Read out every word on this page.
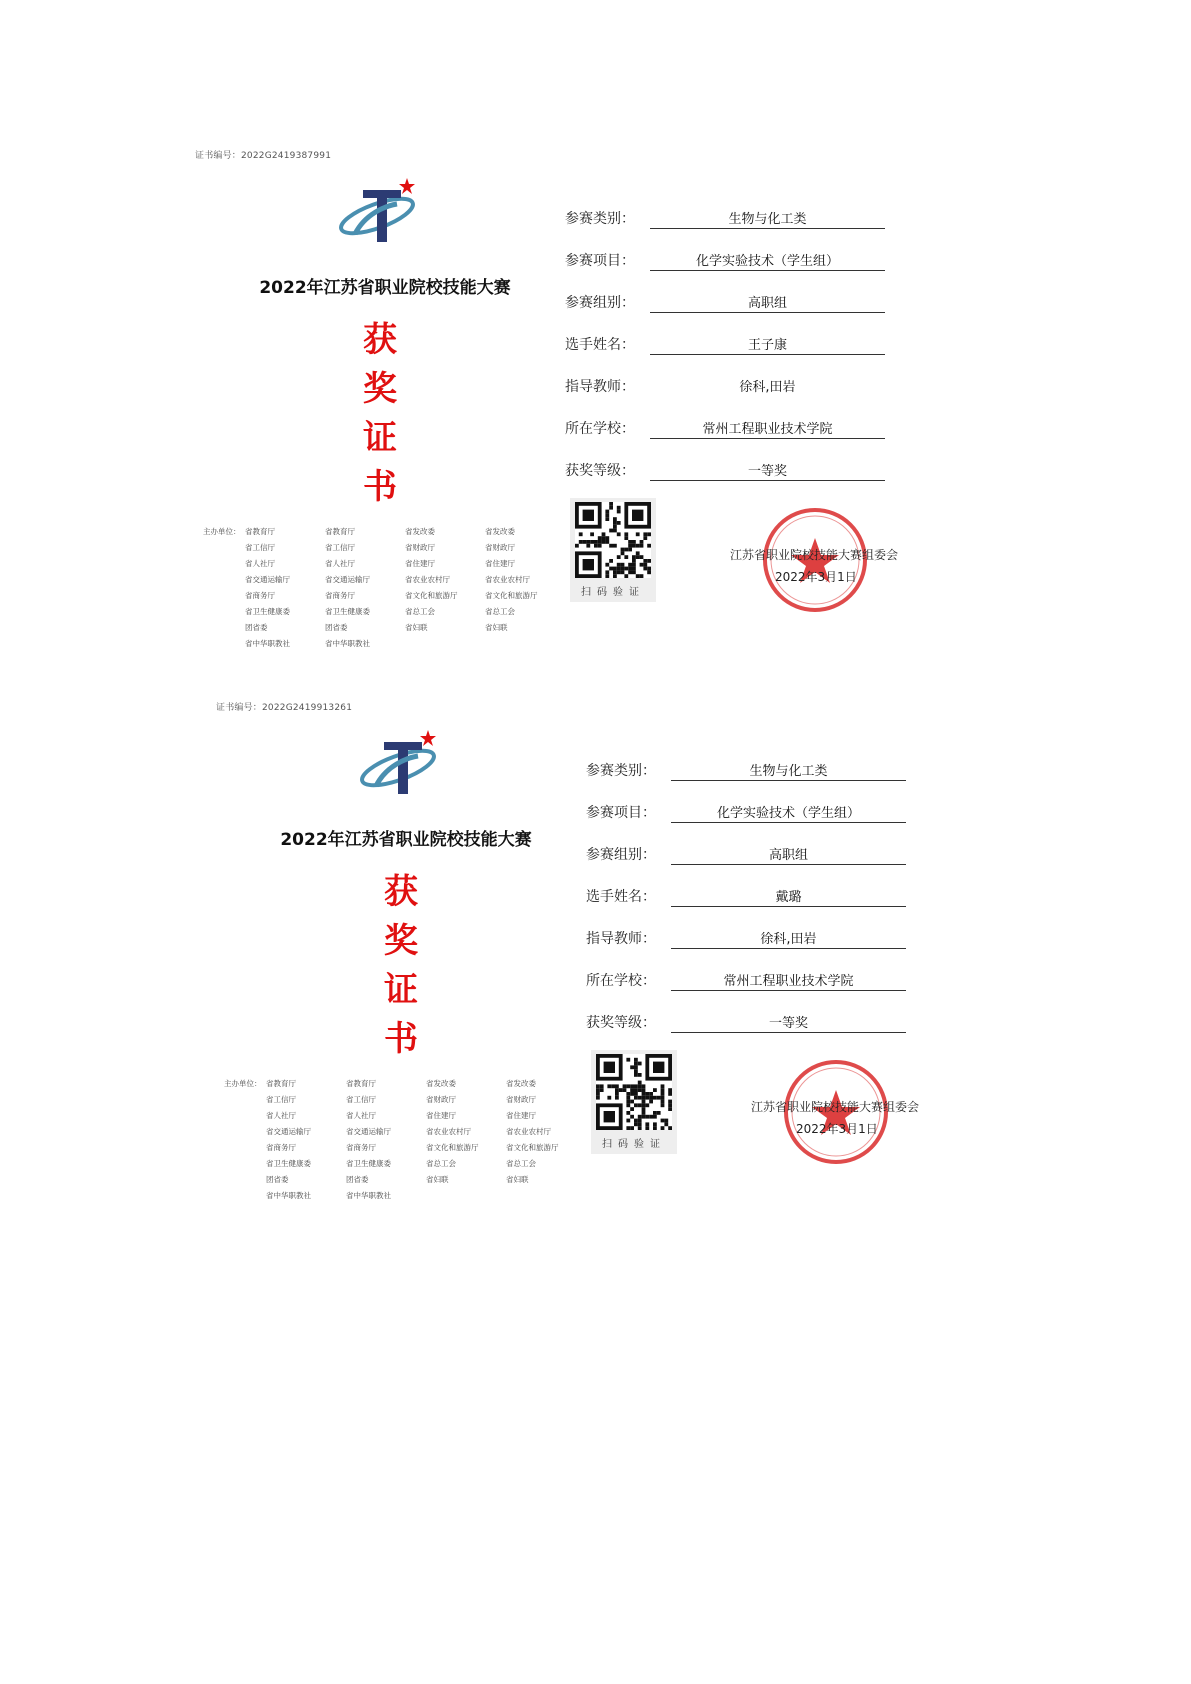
证书编号：2022G2419387991
2022年江苏省职业院校技能大赛
获
奖
证
书
主办单位： 省教育厅	省教育厅	省发改委	省发改委
省工信厅	省工信厅	省财政厅	省财政厅
省人社厅	省人社厅	省住建厅	省住建厅
省交通运输厅	省交通运输厅	省农业农村厅	省农业农村厅
省商务厅	省商务厅	省文化和旅游厅	省文化和旅游厅
省卫生健康委	省卫生健康委	省总工会	省总工会
团省委	团省委	省妇联	省妇联
省中华职教社	省中华职教社
参赛类别：	生物与化工类
参赛项目：	化学实验技术（学生组）
参赛组别：	高职组
选手姓名：	王子康
指导教师：	徐科,田岩
所在学校：	常州工程职业技术学院
获奖等级：	一等奖
扫码验证
江苏省职业院校技能大赛组委会
2022年3月1日
证书编号：2022G2419913261
2022年江苏省职业院校技能大赛
获
奖
证
书
主办单位： 省教育厅	省教育厅	省发改委	省发改委
省工信厅	省工信厅	省财政厅	省财政厅
省人社厅	省人社厅	省住建厅	省住建厅
省交通运输厅	省交通运输厅	省农业农村厅	省农业农村厅
省商务厅	省商务厅	省文化和旅游厅	省文化和旅游厅
省卫生健康委	省卫生健康委	省总工会	省总工会
团省委	团省委	省妇联	省妇联
省中华职教社	省中华职教社
参赛类别：	生物与化工类
参赛项目：	化学实验技术（学生组）
参赛组别：	高职组
选手姓名：	戴璐
指导教师：	徐科,田岩
所在学校：	常州工程职业技术学院
获奖等级：	一等奖
扫码验证
江苏省职业院校技能大赛组委会
2022年3月1日
